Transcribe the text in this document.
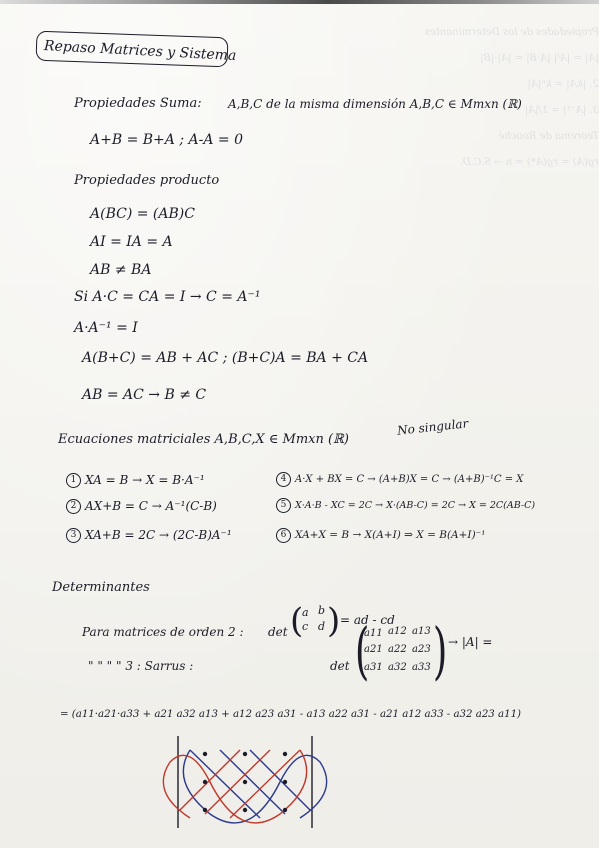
Propiedades de los Determinantes
|A| = |Aᵗ| |A·B| = |A|·|B|
2. |kA| = kⁿ|A|
3. |A⁻¹| = 1/|A|
Teorema de Rouché
rg(A) = rg(A*) = n → S.C.D.
Repaso Matrices y Sistema
Propiedades Suma: A,B,C de la misma dimensión A,B,C ∈ Mmxn (ℝ)
A+B = B+A ; A-A = 0
Propiedades producto
A(BC) = (AB)C
AI = IA = A
AB ≠ BA
Si A·C = CA = I → C = A⁻¹
A·A⁻¹ = I
A(B+C) = AB + AC ; (B+C)A = BA + CA
AB = AC → B ≠ C
Ecuaciones matriciales A,B,C,X ∈ Mmxn (ℝ)
No singular
1 XA = B → X = B·A⁻¹
2 AX+B = C → A⁻¹(C-B)
3 XA+B = 2C → (2C-B)A⁻¹
4 A·X + BX = C → (A+B)X = C → (A+B)⁻¹C = X
5 X·A·B - XC = 2C → X·(AB-C) = 2C → X = 2C(AB-C)
6 XA+X = B → X(A+I) ⇒ X = B(A+I)⁻¹
Determinantes
Para matrices de orden 2 : det (
a b
c d ) = ad - cd
" " " " 3 : Sarrus :	det (
a11 a12 a13
a21 a22 a23
a31 a32 a33 ) → |A| =
= (a11·a21·a33 + a21 a32 a13 + a12 a23 a31 - a13 a22 a31 - a21 a12 a33 - a32 a23 a11)
